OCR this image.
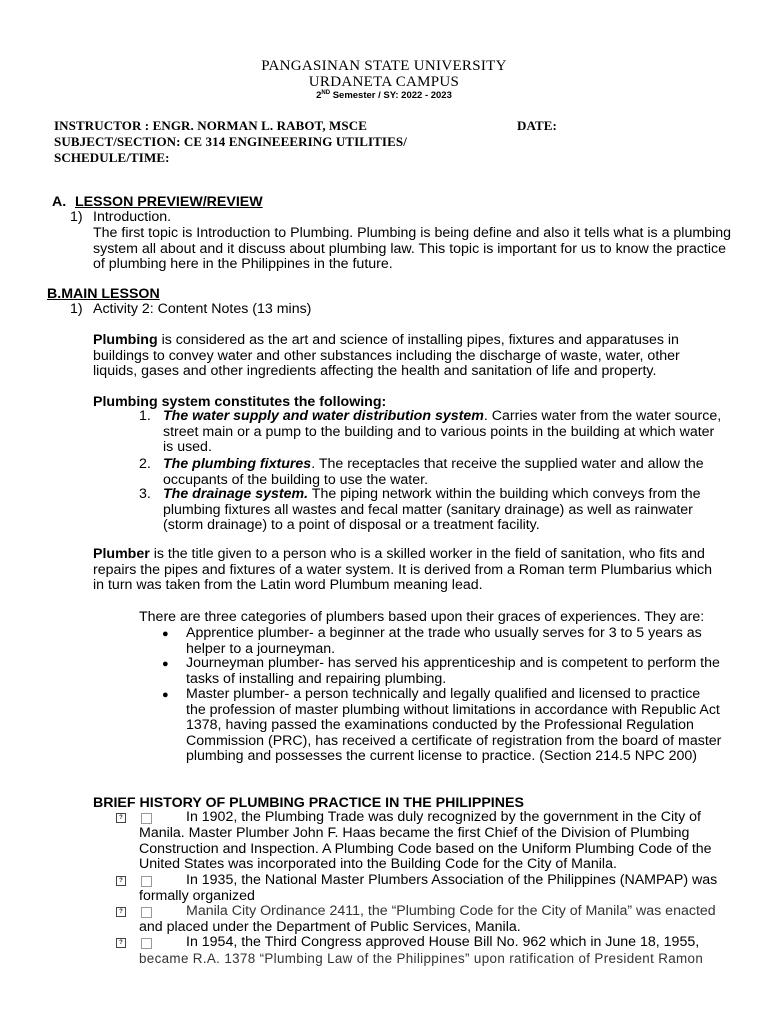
PANGASINAN STATE UNIVERSITY
URDANETA CAMPUS
2ND Semester / SY: 2022 - 2023
INSTRUCTOR : ENGR. NORMAN L. RABOT, MSCE	DATE:
SUBJECT/SECTION: CE 314 ENGINEEERING UTILITIES/
SCHEDULE/TIME:
A. LESSON PREVIEW/REVIEW
1) Introduction.
The first topic is Introduction to Plumbing. Plumbing is being define and also it tells what is a plumbing
system all about and it discuss about plumbing law. This topic is important for us to know the practice
of plumbing here in the Philippines in the future.
B.MAIN LESSON
1) Activity 2: Content Notes (13 mins)
Plumbing is considered as the art and science of installing pipes, fixtures and apparatuses in
buildings to convey water and other substances including the discharge of waste, water, other
liquids, gases and other ingredients affecting the health and sanitation of life and property.
Plumbing system constitutes the following:
1. The water supply and water distribution system. Carries water from the water source,
street main or a pump to the building and to various points in the building at which water
is used.
2. The plumbing fixtures. The receptacles that receive the supplied water and allow the
occupants of the building to use the water.
3. The drainage system. The piping network within the building which conveys from the
plumbing fixtures all wastes and fecal matter (sanitary drainage) as well as rainwater
(storm drainage) to a point of disposal or a treatment facility.
Plumber is the title given to a person who is a skilled worker in the field of sanitation, who fits and
repairs the pipes and fixtures of a water system. It is derived from a Roman term Plumbarius which
in turn was taken from the Latin word Plumbum meaning lead.
There are three categories of plumbers based upon their graces of experiences. They are:
● Apprentice plumber- a beginner at the trade who usually serves for 3 to 5 years as
helper to a journeyman.
● Journeyman plumber- has served his apprenticeship and is competent to perform the
tasks of installing and repairing plumbing.
● Master plumber- a person technically and legally qualified and licensed to practice
the profession of master plumbing without limitations in accordance with Republic Act
1378, having passed the examinations conducted by the Professional Regulation
Commission (PRC), has received a certificate of registration from the board of master
plumbing and possesses the current license to practice. (Section 214.5 NPC 200)
BRIEF HISTORY OF PLUMBING PRACTICE IN THE PHILIPPINES
?	In 1902, the Plumbing Trade was duly recognized by the government in the City of
Manila. Master Plumber John F. Haas became the first Chief of the Division of Plumbing
Construction and Inspection. A Plumbing Code based on the Uniform Plumbing Code of the
United States was incorporated into the Building Code for the City of Manila.
?	In 1935, the National Master Plumbers Association of the Philippines (NAMPAP) was
formally organized
?	Manila City Ordinance 2411, the “Plumbing Code for the City of Manila” was enacted
and placed under the Department of Public Services, Manila.
?	In 1954, the Third Congress approved House Bill No. 962 which in June 18, 1955,
became R.A. 1378 “Plumbing Law of the Philippines” upon ratification of President Ramon
